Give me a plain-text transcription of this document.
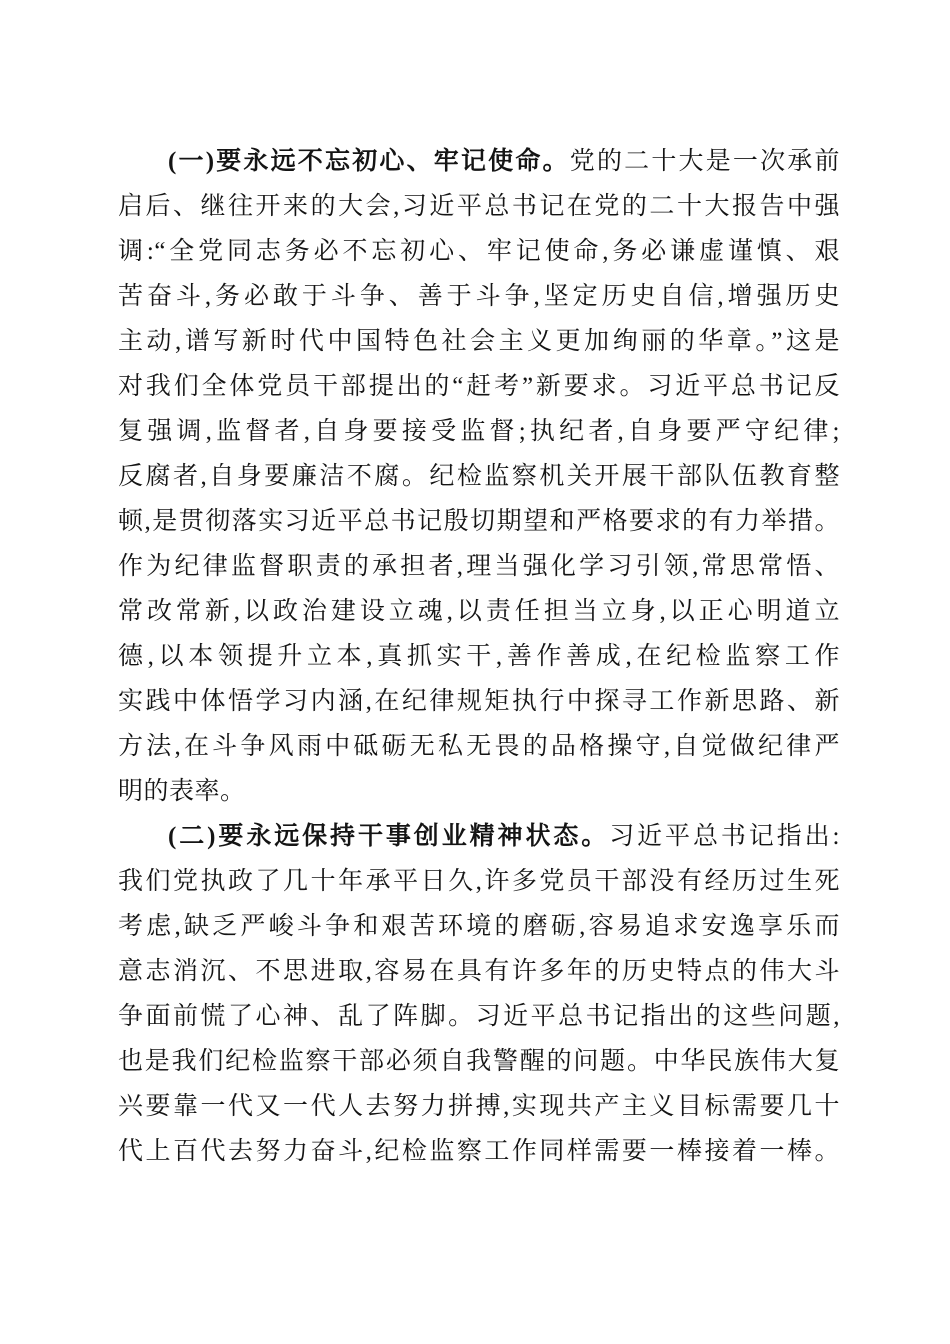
(一)要永远不忘初心、牢记使命。党的二十大是一次承前
启后、继往开来的大会,习近平总书记在党的二十大报告中强
调:“全党同志务必不忘初心、牢记使命,务必谦虚谨慎、艰
苦奋斗,务必敢于斗争、善于斗争,坚定历史自信,增强历史
主动,谱写新时代中国特色社会主义更加绚丽的华章。”这是
对我们全体党员干部提出的“赶考”新要求。习近平总书记反
复强调,监督者,自身要接受监督;执纪者,自身要严守纪律;
反腐者,自身要廉洁不腐。纪检监察机关开展干部队伍教育整
顿,是贯彻落实习近平总书记殷切期望和严格要求的有力举措。
作为纪律监督职责的承担者,理当强化学习引领,常思常悟、
常改常新,以政治建设立魂,以责任担当立身,以正心明道立
德,以本领提升立本,真抓实干,善作善成,在纪检监察工作
实践中体悟学习内涵,在纪律规矩执行中探寻工作新思路、新
方法,在斗争风雨中砥砺无私无畏的品格操守,自觉做纪律严
明的表率。
(二)要永远保持干事创业精神状态。习近平总书记指出:
我们党执政了几十年承平日久,许多党员干部没有经历过生死
考虑,缺乏严峻斗争和艰苦环境的磨砺,容易追求安逸享乐而
意志消沉、不思进取,容易在具有许多年的历史特点的伟大斗
争面前慌了心神、乱了阵脚。习近平总书记指出的这些问题,
也是我们纪检监察干部必须自我警醒的问题。中华民族伟大复
兴要靠一代又一代人去努力拼搏,实现共产主义目标需要几十
代上百代去努力奋斗,纪检监察工作同样需要一棒接着一棒。
